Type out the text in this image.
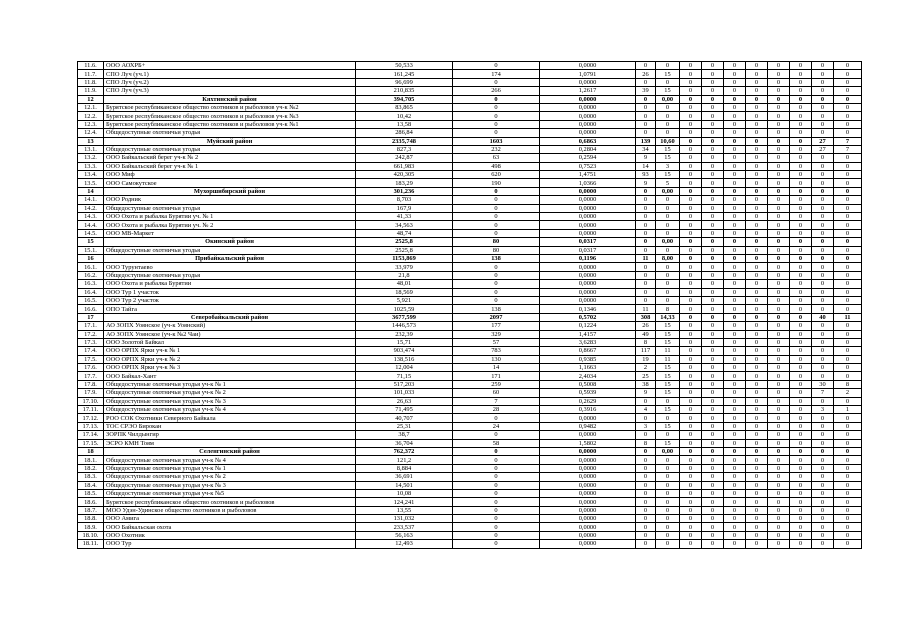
11.6.	ООО АОХРБ+	50,533	0	0,0000	0	0	0	0	0	0	0	0	0	0
11.7.	СПО Луч (уч.1)	161,245	174	1,0791	26	15	0	0	0	0	0	0	0	0
11.8.	СПО Луч (уч.2)	96,699	0	0,0000	0	0	0	0	0	0	0	0	0	0
11.9.	СПО Луч (уч.3)	210,835	266	1,2617	39	15	0	0	0	0	0	0	0	0
12	Кяхтинский район	394,705	0	0,0000	0	0,00	0	0	0	0	0	0	0	0
12.1.	Бурятское республиканское общество охотников и рыболовов уч-к №2	83,865	0	0,0000	0	0	0	0	0	0	0	0	0	0
12.2.	Бурятское республиканское общество охотников и рыболовов уч-к №3	10,42	0	0,0000	0	0	0	0	0	0	0	0	0	0
12.3.	Бурятское республиканское общество охотников и рыболовов уч-к №1	13,58	0	0,0000	0	0	0	0	0	0	0	0	0	0
12.4.	Общедоступные охотничьи угодья	286,84	0	0,0000	0	0	0	0	0	0	0	0	0	0
13	Муйский район	2335,748	1603	0,6863	139	10,60	0	0	0	0	0	0	27	7
13.1.	Общедоступные охотничьи угодья	827,3	232	0,2804	34	15	0	0	0	0	0	0	27	7
13.2.	ООО Байкальский берег уч-к № 2	242,87	63	0,2594	9	15	0	0	0	0	0	0	0	0
13.3.	ООО Байкальский берег уч-к № 1	661,983	498	0,7523	14	3	0	0	0	0	0	0	0	0
13.4.	ООО Миф	420,305	620	1,4751	93	15	0	0	0	0	0	0	0	0
13.5.	ООО Самокутское	183,29	190	1,0366	9	5	0	0	0	0	0	0	0	0
14	Мухоршибирский район	301,236	0	0,0000	0	0,00	0	0	0	0	0	0	0	0
14.1.	ООО Родник	8,703	0	0,0000	0	0	0	0	0	0	0	0	0	0
14.2.	Общедоступные охотничьи угодья	167,9	0	0,0000	0	0	0	0	0	0	0	0	0	0
14.3.	ООО Охота и рыбалка Бурятии уч. № 1	41,33	0	0,0000	0	0	0	0	0	0	0	0	0	0
14.4.	ООО Охота и рыбалка Бурятии уч. № 2	34,563	0	0,0000	0	0	0	0	0	0	0	0	0	0
14.5.	ООО МВ-Маркет	48,74	0	0,0000	0	0	0	0	0	0	0	0	0	0
15	Окинский район	2525,8	80	0,0317	0	0,00	0	0	0	0	0	0	0	0
15.1.	Общедоступные охотничьи угодья	2525,8	80	0,0317	0	0	0	0	0	0	0	0	0	0
16	Прибайкальский район	1153,869	138	0,1196	11	8,00	0	0	0	0	0	0	0	0
16.1.	ООО Турунтаево	33,979	0	0,0000	0	0	0	0	0	0	0	0	0	0
16.2.	Общедоступные охотничьи угодья	21,8	0	0,0000	0	0	0	0	0	0	0	0	0	0
16.3.	ООО Охота и рыбалка Бурятии	48,01	0	0,0000	0	0	0	0	0	0	0	0	0	0
16.4.	ООО Тур 1 участок	18,569	0	0,0000	0	0	0	0	0	0	0	0	0	0
16.5.	ООО Тур 2 участок	5,921	0	0,0000	0	0	0	0	0	0	0	0	0	0
16.6.	ОПО Тайга	1025,59	138	0,1346	11	8	0	0	0	0	0	0	0	0
17	Северобайкальский район	3677,599	2097	0,5702	308	14,33	0	0	0	0	0	0	40	11
17.1.	АО ЗОПХ Уоянское (уч-к Уоянский)	1446,573	177	0,1224	26	15	0	0	0	0	0	0	0	0
17.2.	АО ЗОПХ Уоянское (уч-к №2 Чаи)	232,39	329	1,4157	49	15	0	0	0	0	0	0	0	0
17.3.	ООО Золотой Байкал	15,71	57	3,6283	8	15	0	0	0	0	0	0	0	0
17.4.	ООО ОРПХ Ярки уч-к № 1	903,474	783	0,8667	117	11	0	0	0	0	0	0	0	0
17.5.	ООО ОРПХ Ярки уч-к № 2	138,516	130	0,9385	19	11	0	0	0	0	0	0	0	0
17.6.	ООО ОРПХ Ярки уч-к № 3	12,004	14	1,1663	2	15	0	0	0	0	0	0	0	0
17.7.	ООО Байкал-Хант	71,15	171	2,4034	25	15	0	0	0	0	0	0	0	0
17.8.	Общедоступные охотничьи угодья уч-к № 1	517,203	259	0,5008	38	15	0	0	0	0	0	0	30	8
17.9.	Общедоступные охотничьи угодья уч-к № 2	101,033	60	0,5939	9	15	0	0	0	0	0	0	7	2
17.10.	Общедоступные охотничьи угодья уч-к № 3	26,63	7	0,2629	0	0	0	0	0	0	0	0	0	0
17.11.	Общедоступные охотничьи угодья уч-к № 4	71,495	28	0,3916	4	15	0	0	0	0	0	0	3	1
17.12.	РОО СОК Охотники Северного Байкала	40,707	0	0,0000	0	0	0	0	0	0	0	0	0	0
17.13.	ТОС СРЭО Бирокан	25,31	24	0,9482	3	15	0	0	0	0	0	0	0	0
17.14.	ЗОРПК Чилдынгир	38,7	0	0,0000	0	0	0	0	0	0	0	0	0	0
17.15.	ЭСРО КМН Тоям	36,704	58	1,5802	8	15	0	0	0	0	0	0	0	0
18	Селенгинский район	762,372	0	0,0000	0	0,00	0	0	0	0	0	0	0	0
18.1.	Общедоступные охотничьи угодья уч-к № 4	121,2	0	0,0000	0	0	0	0	0	0	0	0	0	0
18.2.	Общедоступные охотничьи угодья уч-к № 1	8,884	0	0,0000	0	0	0	0	0	0	0	0	0	0
18.3.	Общедоступные охотничьи угодья уч-к № 2	36,691	0	0,0000	0	0	0	0	0	0	0	0	0	0
18.4.	Общедоступные охотничьи угодья уч-к № 3	14,501	0	0,0000	0	0	0	0	0	0	0	0	0	0
18.5.	Общедоступные охотничьи угодья уч-к №5	10,08	0	0,0000	0	0	0	0	0	0	0	0	0	0
18.6.	Бурятское республиканское общество охотников и рыболовов	124,241	0	0,0000	0	0	0	0	0	0	0	0	0	0
18.7.	МОО Удэн-Удинское общество охотников и рыболовов	13,55	0	0,0000	0	0	0	0	0	0	0	0	0	0
18.8.	ООО Амига	131,032	0	0,0000	0	0	0	0	0	0	0	0	0	0
18.9.	ООО Байкальская охота	233,537	0	0,0000	0	0	0	0	0	0	0	0	0	0
18.10.	ООО Охотник	56,163	0	0,0000	0	0	0	0	0	0	0	0	0	0
18.11.	ООО Тур	12,493	0	0,0000	0	0	0	0	0	0	0	0	0	0
